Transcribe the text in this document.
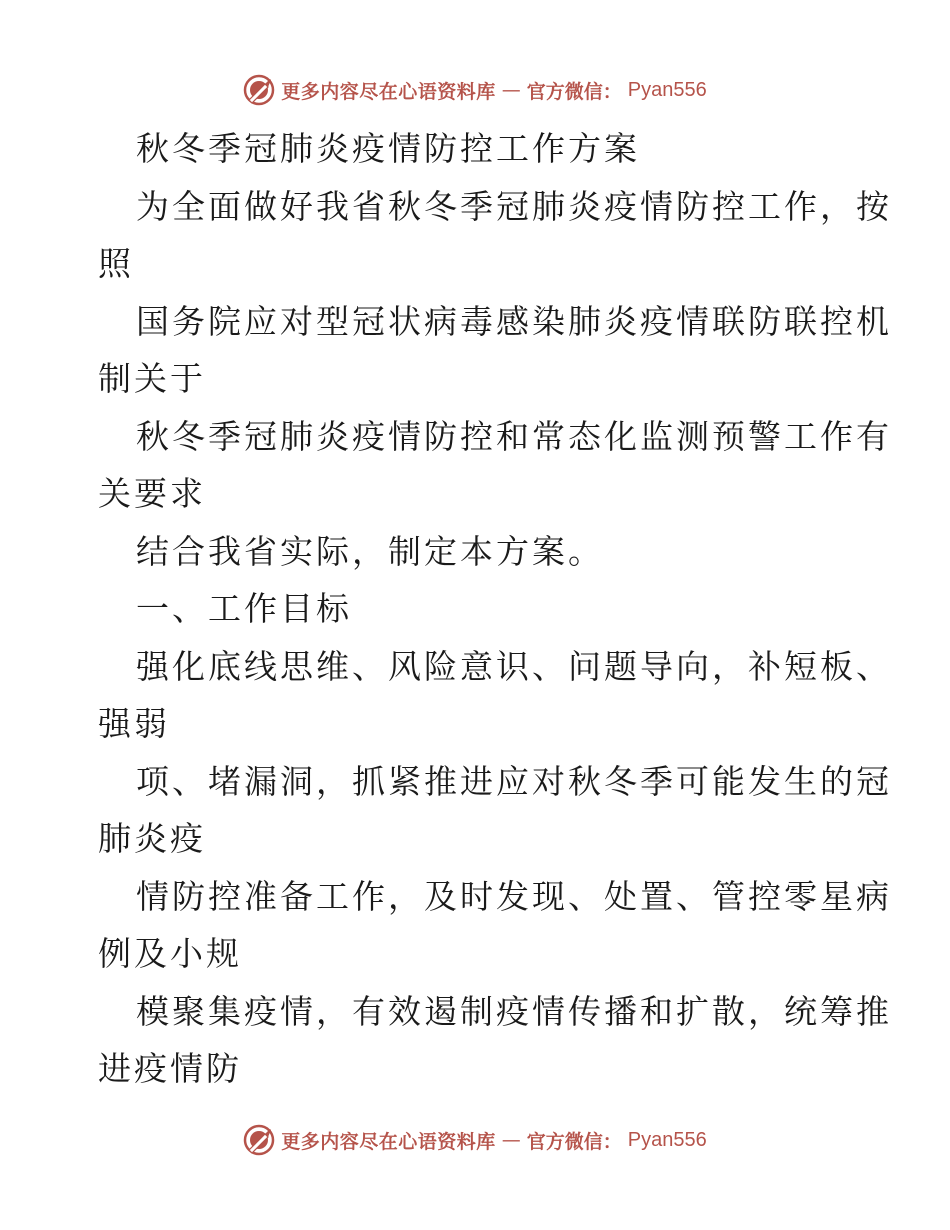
更多内容尽在心语资料库 — 官方微信： Pyan556
秋冬季冠肺炎疫情防控工作方案
为全面做好我省秋冬季冠肺炎疫情防控工作，按
照
国务院应对型冠状病毒感染肺炎疫情联防联控机
制关于
秋冬季冠肺炎疫情防控和常态化监测预警工作有
关要求
结合我省实际，制定本方案。
一、工作目标
强化底线思维、风险意识、问题导向，补短板、
强弱
项、堵漏洞，抓紧推进应对秋冬季可能发生的冠
肺炎疫
情防控准备工作，及时发现、处置、管控零星病
例及小规
模聚集疫情，有效遏制疫情传播和扩散，统筹推
进疫情防
更多内容尽在心语资料库 — 官方微信： Pyan556
